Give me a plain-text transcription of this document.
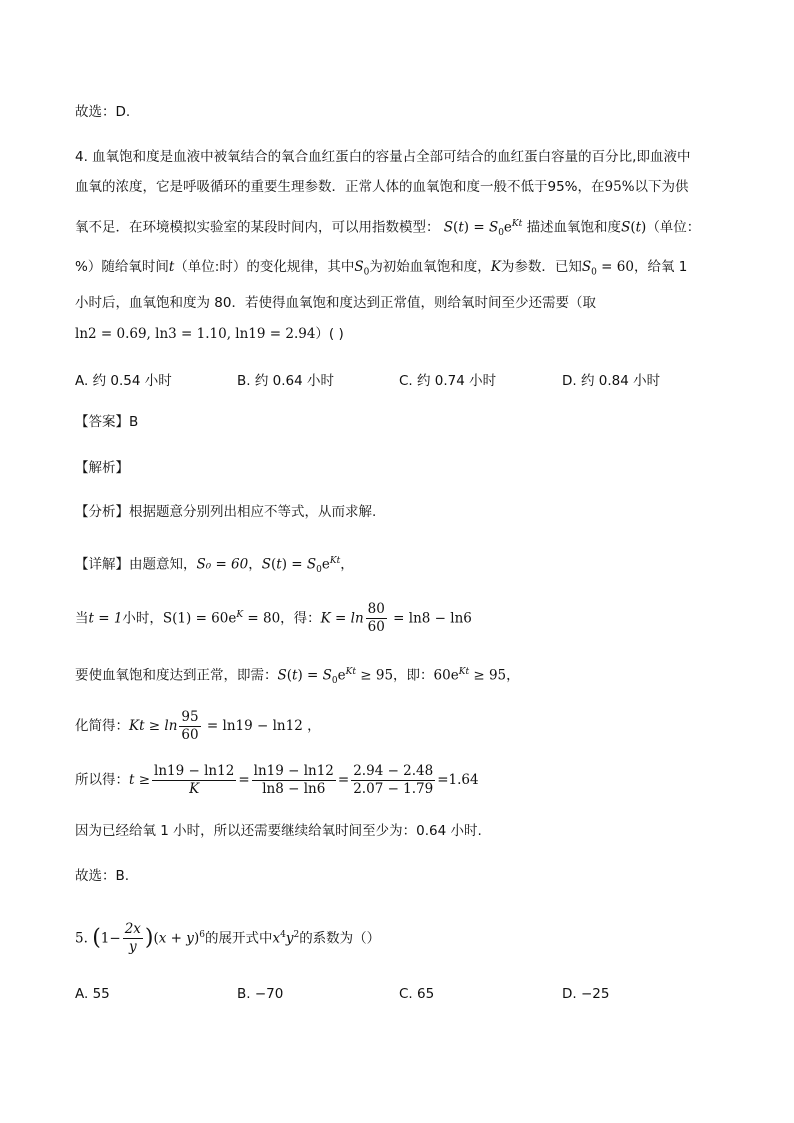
故选：D.
4. 血氧饱和度是血液中被氧结合的氧合血红蛋白的容量占全部可结合的血红蛋白容量的百分比,即血液中
血氧的浓度，它是呼吸循环的重要生理参数．正常人体的血氧饱和度一般不低于95%，在95%以下为供
氧不足．在环境模拟实验室的某段时间内，可以用指数模型： $S(t) = S_0e^{Kt}$ 描述血氧饱和度S(t)（单位：
%）随给氧时间t（单位:时）的变化规律，其中$S_0$为初始血氧饱和度，K为参数．已知$S_0 = 60$，给氧 1
小时后，血氧饱和度为 80．若使得血氧饱和度达到正常值，则给氧时间至少还需要（取
ln2 = 0.69, ln3 = 1.10, ln19 = 2.94）( )
A. 约 0.54 小时	B. 约 0.64 小时	C. 约 0.74 小时	D. 约 0.84 小时
【答案】B
【解析】
【分析】根据题意分别列出相应不等式，从而求解.
【详解】由题意知，S₀ = 60，$S(t) = S_0e^{Kt}$，
当t = 1小时，$S(1) = 60e^K = 80$，得：$K = \ln \frac{80}{60} = \ln 8 - \ln 6$
要使血氧饱和度达到正常，即需：$S(t) = S_0e^{Kt} \ge 95$，即：$60e^{Kt} \ge 95$，
化简得：$Kt \ge \ln \frac{95}{60} = \ln 19 - \ln 12$ ，
所以得：$t \ge \frac{\ln 19 - \ln 12}{K} = \frac{\ln 19 - \ln 12}{\ln 8 - \ln 6} = \frac{2.94 - 2.48}{2.07 - 1.79} =1.64$
因为已经给氧 1 小时，所以还需要继续给氧时间至少为：0.64 小时.
故选：B.
5. $(1- \frac{2x}{y} )(x + y)^6$的展开式中$x^4y^2$的系数为（）
A. 55	B. −70	C. 65	D. −25
